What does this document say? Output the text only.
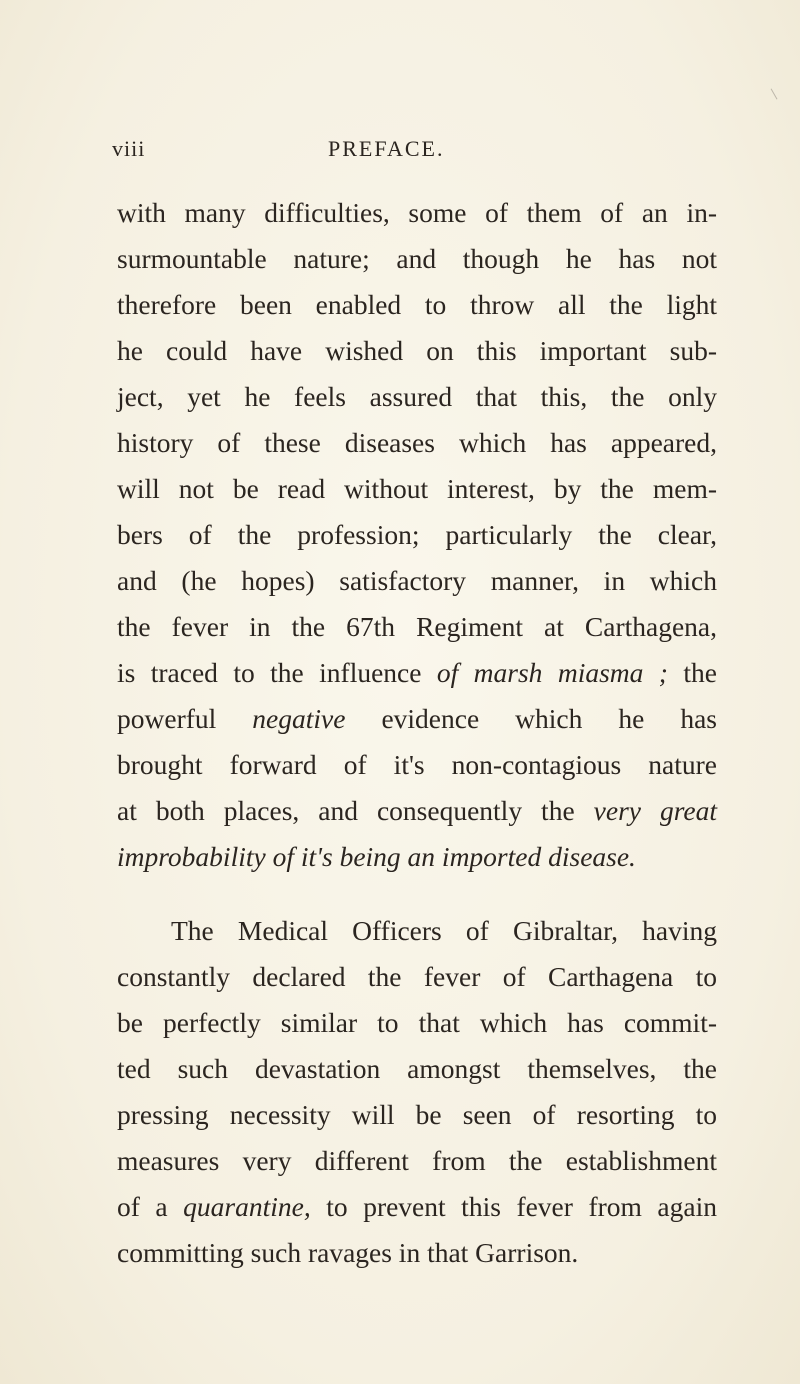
viii	PREFACE.
with many difficulties, some of them of an in-
surmountable nature; and though he has not
therefore been enabled to throw all the light
he could have wished on this important sub-
ject, yet he feels assured that this, the only
history of these diseases which has appeared,
will not be read without interest, by the mem-
bers of the profession; particularly the clear,
and (he hopes) satisfactory manner, in which
the fever in the 67th Regiment at Carthagena,
is traced to the influence of marsh miasma ; the
powerful negative evidence which he has
brought forward of it's non-contagious nature
at both places, and consequently the very great
improbability of it's being an imported disease.
The Medical Officers of Gibraltar, having
constantly declared the fever of Carthagena to
be perfectly similar to that which has commit-
ted such devastation amongst themselves, the
pressing necessity will be seen of resorting to
measures very different from the establishment
of a quarantine, to prevent this fever from again
committing such ravages in that Garrison.
